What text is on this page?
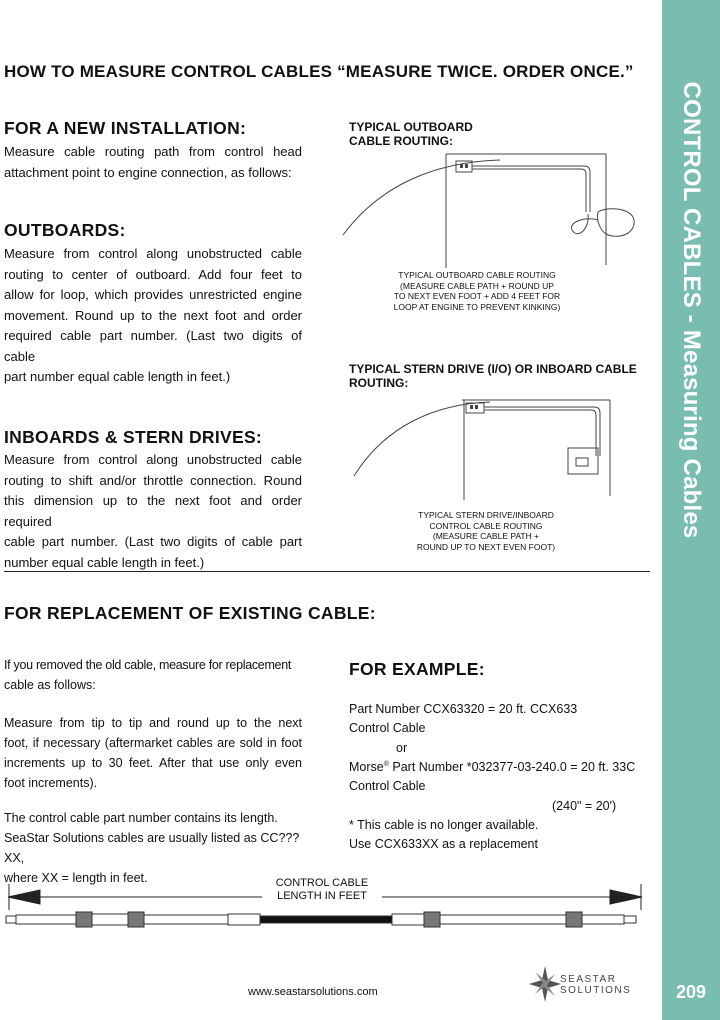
CONTROL CABLES - Measuring Cables
209
HOW TO MEASURE CONTROL CABLES “MEASURE TWICE. ORDER ONCE.”
FOR A NEW INSTALLATION:
Measure cable routing path from control head
attachment point to engine connection, as follows:
OUTBOARDS:
Measure from control along unobstructed cable
routing to center of outboard. Add four feet to
allow for loop, which provides unrestricted engine
movement. Round up to the next foot and order
required cable part number. (Last two digits of cable
part number equal cable length in feet.)
INBOARDS & STERN DRIVES:
Measure from control along unobstructed cable
routing to shift and/or throttle connection. Round
this dimension up to the next foot and order required
cable part number. (Last two digits of cable part
number equal cable length in feet.)
TYPICAL OUTBOARD
CABLE ROUTING:
TYPICAL OUTBOARD CABLE ROUTING
(MEASURE CABLE PATH + ROUND UP
TO NEXT EVEN FOOT + ADD 4 FEET FOR
LOOP AT ENGINE TO PREVENT KINKING)
TYPICAL STERN DRIVE (I/O) OR INBOARD CABLE
ROUTING:
TYPICAL STERN DRIVE/INBOARD
CONTROL CABLE ROUTING
(MEASURE CABLE PATH +
ROUND UP TO NEXT EVEN FOOT)
FOR REPLACEMENT OF EXISTING CABLE:
If you removed the old cable, measure for replacement
cable as follows:
Measure from tip to tip and round up to the next
foot, if necessary (aftermarket cables are sold in foot
increments up to 30 feet. After that use only even
foot increments).
The control cable part number contains its length.
SeaStar Solutions cables are usually listed as CC???XX,
where XX = length in feet.
FOR EXAMPLE:
Part Number CCX63320 = 20 ft. CCX633
Control Cable
or
Morse® Part Number *032377-03-240.0 = 20 ft. 33C
Control Cable
(240" = 20')
* This cable is no longer available.
Use CCX633XX as a replacement
CONTROL CABLE
LENGTH IN FEET
www.seastarsolutions.com
SEASTAR
SOLUTIONS
